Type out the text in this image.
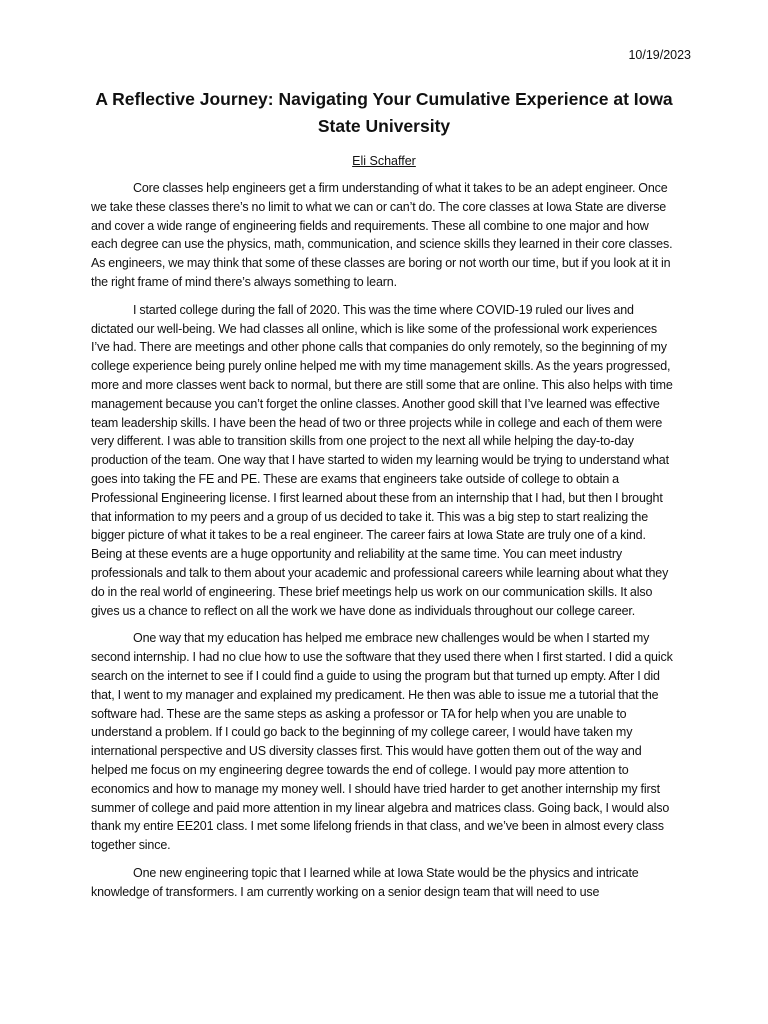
10/19/2023

A Reflective Journey: Navigating Your Cumulative Experience at Iowa State University

Eli Schaffer

Core classes help engineers get a firm understanding of what it takes to be an adept engineer. Once we take these classes there’s no limit to what we can or can’t do. The core classes at Iowa State are diverse and cover a wide range of engineering fields and requirements. These all combine to one major and how each degree can use the physics, math, communication, and science skills they learned in their core classes. As engineers, we may think that some of these classes are boring or not worth our time, but if you look at it in the right frame of mind there’s always something to learn.

I started college during the fall of 2020. This was the time where COVID-19 ruled our lives and dictated our well-being. We had classes all online, which is like some of the professional work experiences I’ve had. There are meetings and other phone calls that companies do only remotely, so the beginning of my college experience being purely online helped me with my time management skills. As the years progressed, more and more classes went back to normal, but there are still some that are online. This also helps with time management because you can’t forget the online classes. Another good skill that I’ve learned was effective team leadership skills. I have been the head of two or three projects while in college and each of them were very different. I was able to transition skills from one project to the next all while helping the day-to-day production of the team. One way that I have started to widen my learning would be trying to understand what goes into taking the FE and PE. These are exams that engineers take outside of college to obtain a Professional Engineering license. I first learned about these from an internship that I had, but then I brought that information to my peers and a group of us decided to take it. This was a big step to start realizing the bigger picture of what it takes to be a real engineer. The career fairs at Iowa State are truly one of a kind. Being at these events are a huge opportunity and reliability at the same time. You can meet industry professionals and talk to them about your academic and professional careers while learning about what they do in the real world of engineering. These brief meetings help us work on our communication skills. It also gives us a chance to reflect on all the work we have done as individuals throughout our college career.

One way that my education has helped me embrace new challenges would be when I started my second internship. I had no clue how to use the software that they used there when I first started. I did a quick search on the internet to see if I could find a guide to using the program but that turned up empty. After I did that, I went to my manager and explained my predicament. He then was able to issue me a tutorial that the software had. These are the same steps as asking a professor or TA for help when you are unable to understand a problem. If I could go back to the beginning of my college career, I would have taken my international perspective and US diversity classes first. This would have gotten them out of the way and helped me focus on my engineering degree towards the end of college. I would pay more attention to economics and how to manage my money well. I should have tried harder to get another internship my first summer of college and paid more attention in my linear algebra and matrices class. Going back, I would also thank my entire EE201 class. I met some lifelong friends in that class, and we’ve been in almost every class together since.

One new engineering topic that I learned while at Iowa State would be the physics and intricate knowledge of transformers. I am currently working on a senior design team that will need to use
